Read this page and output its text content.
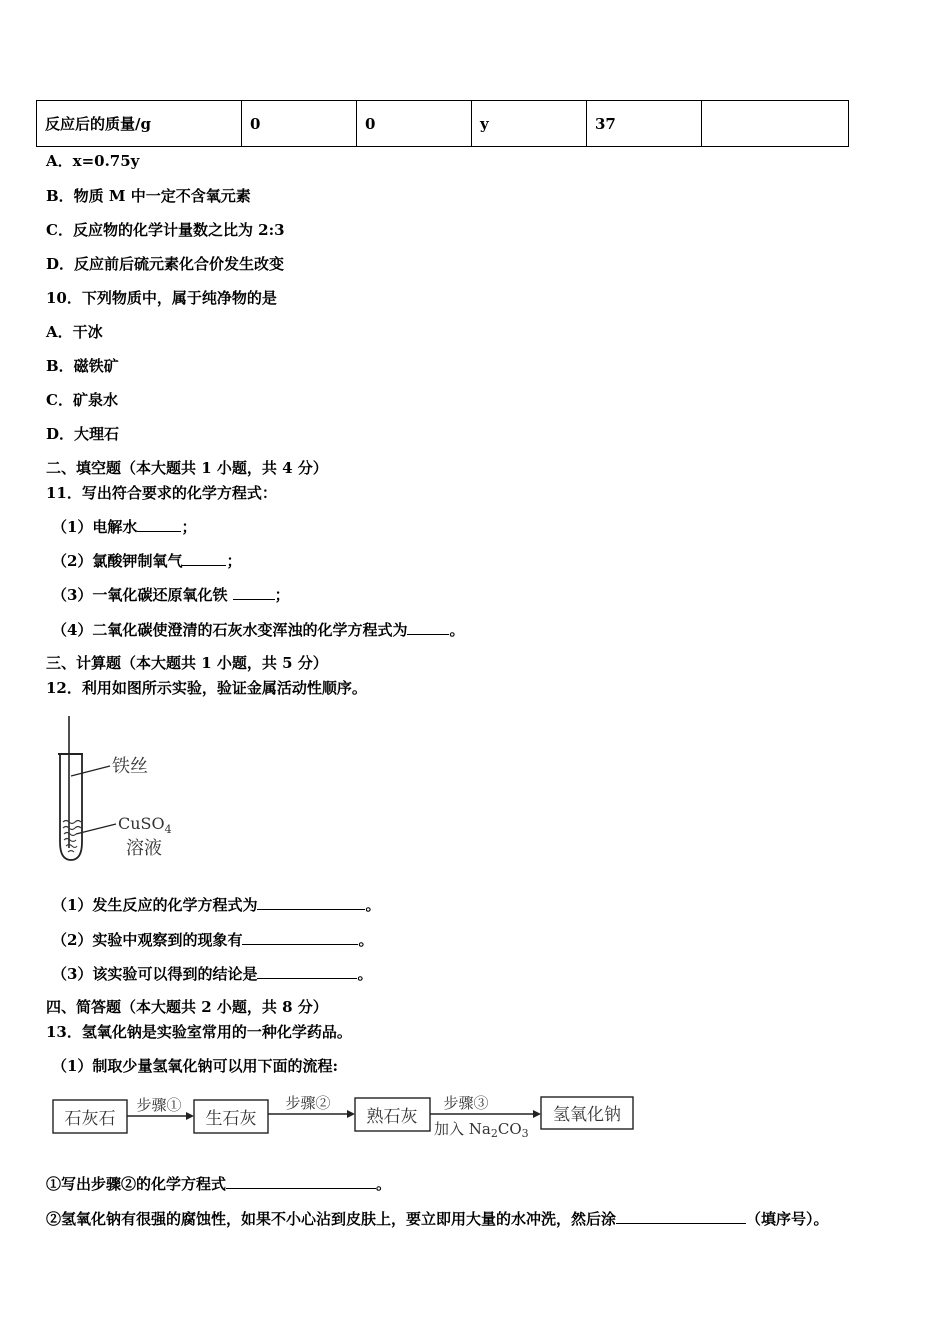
反应后的质量/g	0	0	y	37	
A．x=0.75y
B．物质 M 中一定不含氧元素
C．反应物的化学计量数之比为 2:3
D．反应前后硫元素化合价发生改变
10．下列物质中，属于纯净物的是
A．干冰
B．磁铁矿
C．矿泉水
D．大理石
二、填空题（本大题共 1 小题，共 4 分）
11．写出符合要求的化学方程式：
（1）电解水	；
（2）氯酸钾制氧气	；
（3）一氧化碳还原氧化铁	；
（4）二氧化碳使澄清的石灰水变浑浊的化学方程式为	。
三、计算题（本大题共 1 小题，共 5 分）
12．利用如图所示实验，验证金属活动性顺序。
铁丝
CuSO$_4$
溶液
（1）发生反应的化学方程式为	。
（2）实验中观察到的现象有	。
（3）该实验可以得到的结论是	。
四、简答题（本大题共 2 小题，共 8 分）
13．氢氧化钠是实验室常用的一种化学药品。
（1）制取少量氢氧化钠可以用下面的流程:
石灰石	生石灰	熟石灰	氢氧化钠
步骤①	步骤②	步骤③
加入 $Na_2CO_3$
①写出步骤②的化学方程式	。
②氢氧化钠有很强的腐蚀性，如果不小心沾到皮肤上，要立即用大量的水冲洗，然后涂	（填序号）。
